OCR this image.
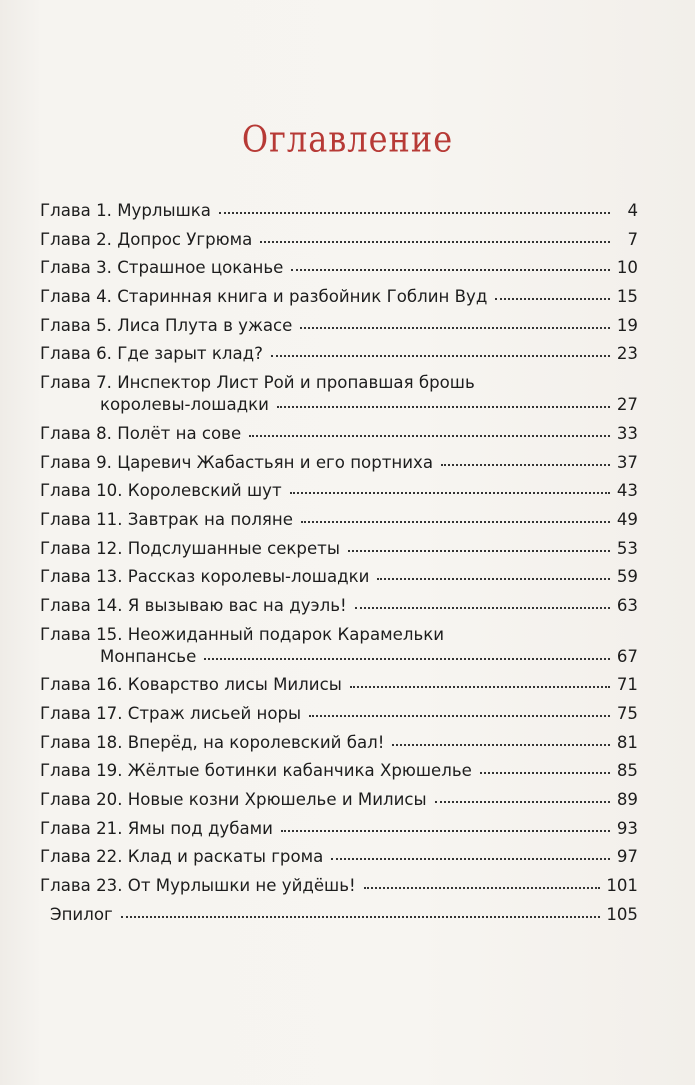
Оглавление
Глава 1. Мурлышка	4
Глава 2. Допрос Угрюма	7
Глава 3. Страшное цоканье	10
Глава 4. Старинная книга и разбойник Гоблин Вуд	15
Глава 5. Лиса Плута в ужасе	19
Глава 6. Где зарыт клад?	23
Глава 7. Инспектор Лист Рой и пропавшая брошь
королевы-лошадки	27
Глава 8. Полёт на сове	33
Глава 9. Царевич Жабастьян и его портниха	37
Глава 10. Королевский шут	43
Глава 11. Завтрак на поляне	49
Глава 12. Подслушанные секреты	53
Глава 13. Рассказ королевы-лошадки	59
Глава 14. Я вызываю вас на дуэль!	63
Глава 15. Неожиданный подарок Карамельки
Монпансье	67
Глава 16. Коварство лисы Милисы	71
Глава 17. Страж лисьей норы	75
Глава 18. Вперёд, на королевский бал!	81
Глава 19. Жёлтые ботинки кабанчика Хрюшелье	85
Глава 20. Новые козни Хрюшелье и Милисы	89
Глава 21. Ямы под дубами	93
Глава 22. Клад и раскаты грома	97
Глава 23. От Мурлышки не уйдёшь!	101
Эпилог	105
